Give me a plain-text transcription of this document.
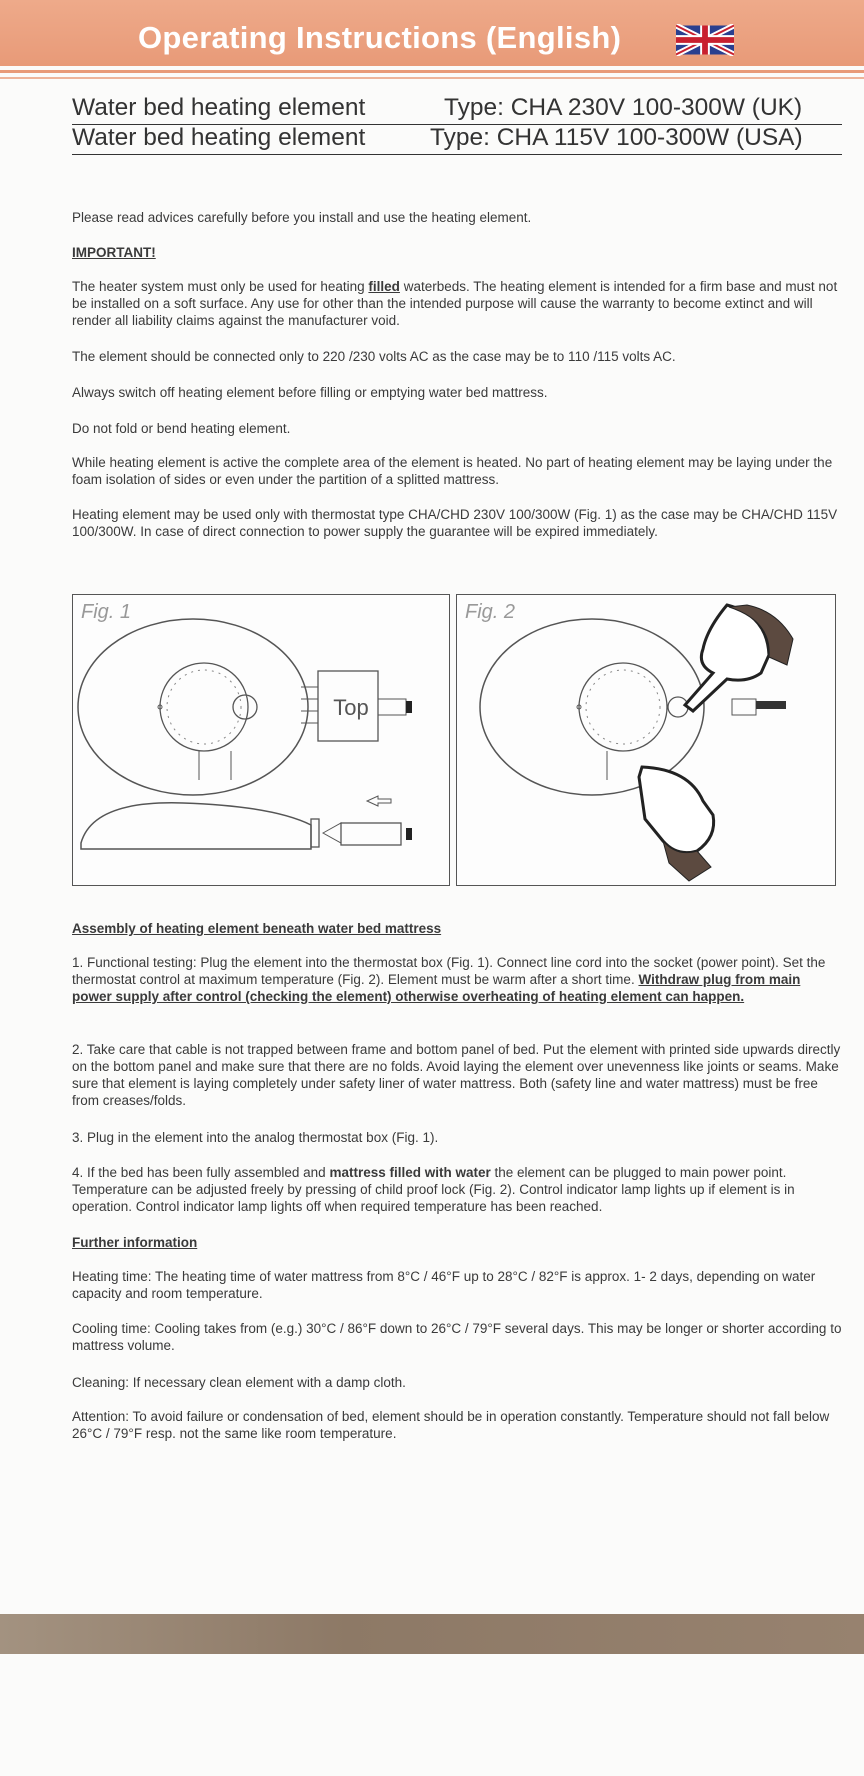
Operating Instructions (English)
Water bed heating element	Type: CHA 230V 100-300W (UK)
Water bed heating element	Type: CHA 115V 100-300W (USA)

Please read advices carefully before you install and use the heating element.

IMPORTANT!

The heater system must only be used for heating filled waterbeds. The heating element is intended for a firm base and must not be installed on a soft surface. Any use for other than the intended purpose will cause the warranty to become extinct and will render all liability claims against the manufacturer void.

The element should be connected only to 220 /230 volts AC as the case may be to 110 /115 volts AC.

Always switch off heating element before filling or emptying water bed mattress.

Do not fold or bend heating element.

While heating element is active the complete area of the element is heated. No part of heating element may be laying under the foam isolation of sides or even under the partition of a splitted mattress.

Heating element may be used only with thermostat type CHA/CHD 230V 100/300W (Fig. 1) as the case may be CHA/CHD 115V 100/300W. In case of direct connection to power supply the guarantee will be expired immediately.

Fig. 1
Top
Fig. 2

Assembly of heating element beneath water bed mattress

1. Functional testing: Plug the element into the thermostat box (Fig. 1). Connect line cord into the socket (power point). Set the thermostat control at maximum temperature (Fig. 2). Element must be warm after a short time. Withdraw plug from main power supply after control (checking the element) otherwise overheating of heating element can happen.

2. Take care that cable is not trapped between frame and bottom panel of bed. Put the element with printed side upwards directly on the bottom panel and make sure that there are no folds. Avoid laying the element over unevenness like joints or seams. Make sure that element is laying completely under safety liner of water mattress. Both (safety line and water mattress) must be free from creases/folds.

3. Plug in the element into the analog thermostat box (Fig. 1).

4. If the bed has been fully assembled and mattress filled with water the element can be plugged to main power point. Temperature can be adjusted freely by pressing of child proof lock (Fig. 2). Control indicator lamp lights up if element is in operation. Control indicator lamp lights off when required temperature has been reached.

Further information

Heating time: The heating time of water mattress from 8°C / 46°F up to 28°C / 82°F is approx. 1- 2 days, depending on water capacity and room temperature.

Cooling time: Cooling takes from (e.g.) 30°C / 86°F down to 26°C / 79°F several days. This may be longer or shorter according to mattress volume.

Cleaning: If necessary clean element with a damp cloth.

Attention: To avoid failure or condensation of bed, element should be in operation constantly. Temperature should not fall below 26°C / 79°F resp. not the same like room temperature.
